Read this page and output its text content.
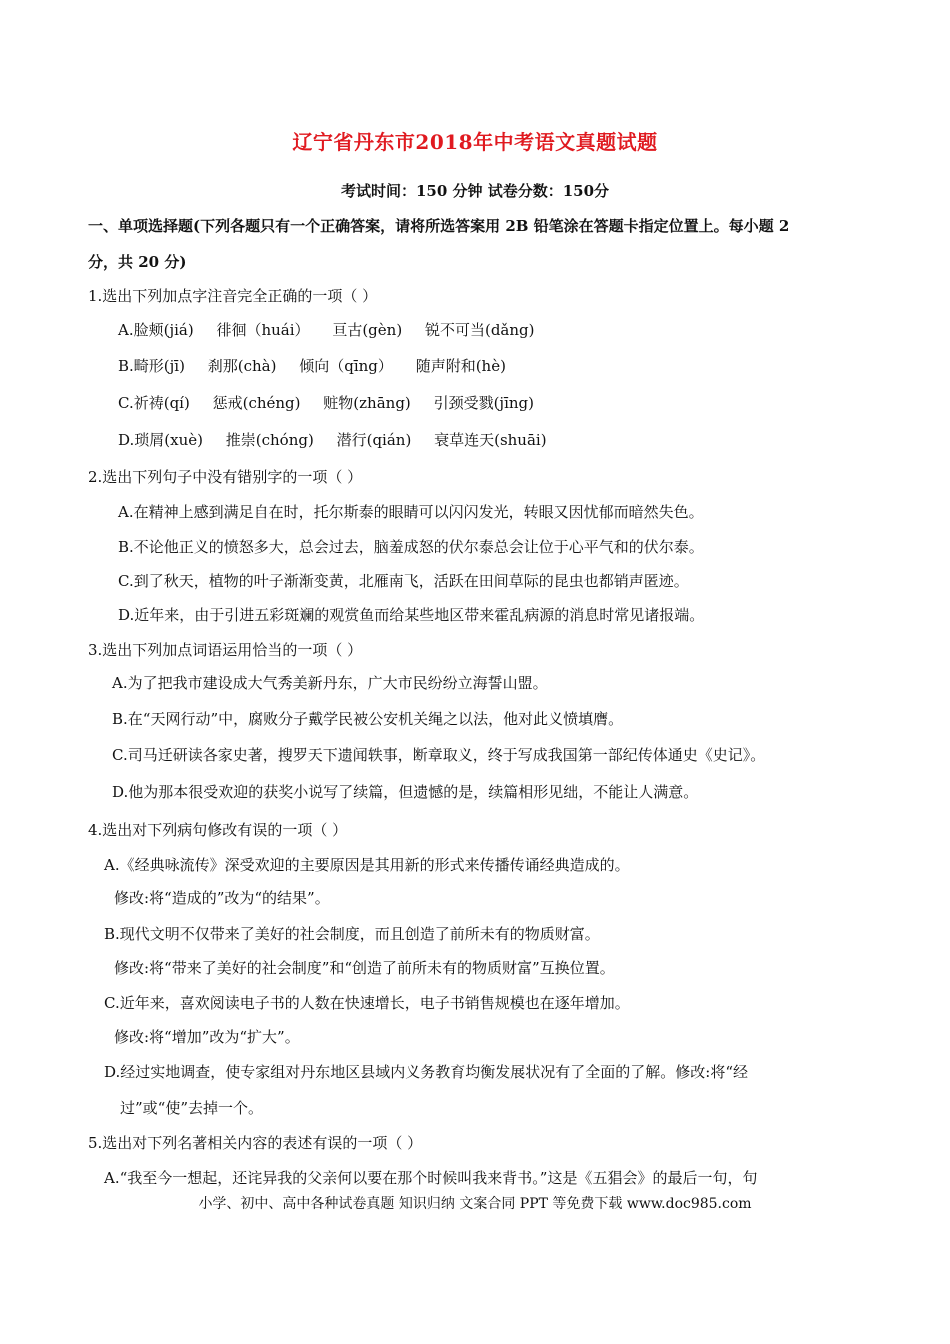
辽宁省丹东市2018年中考语文真题试题
考试时间：150 分钟 试卷分数：150分
一、单项选择题(下列各题只有一个正确答案，请将所选答案用 2B 铅笔涂在答题卡指定位置上。每小题 2
分，共 20 分)
1.选出下列加点字注音完全正确的一项（ ）
A.脸颊(jiá) 徘徊（huái） 亘古(gèn) 锐不可当(dǎng)
B.畸形(jī) 刹那(chà) 倾向（qīng） 随声附和(hè)
C.祈祷(qí) 惩戒(chéng) 赃物(zhāng) 引颈受戮(jīng)
D.琐屑(xuè) 推崇(chóng) 潜行(qián) 衰草连天(shuāi)
2.选出下列句子中没有错别字的一项（ ）
A.在精神上感到满足自在时，托尔斯泰的眼睛可以闪闪发光，转眼又因忧郁而暗然失色。
B.不论他正义的愤怒多大，总会过去，脑羞成怒的伏尔泰总会让位于心平气和的伏尔泰。
C.到了秋天，植物的叶子渐渐变黄，北雁南飞，活跃在田间草际的昆虫也都销声匿迹。
D.近年来，由于引进五彩斑斓的观赏鱼而给某些地区带来霍乱病源的消息时常见诸报端。
3.选出下列加点词语运用恰当的一项（ ）
A.为了把我市建设成大气秀美新丹东，广大市民纷纷立海誓山盟。
B.在“天网行动”中，腐败分子戴学民被公安机关绳之以法，他对此义愤填膺。
C.司马迁研读各家史著，搜罗天下遗闻轶事，断章取义，终于写成我国第一部纪传体通史《史记》。
D.他为那本很受欢迎的获奖小说写了续篇，但遗憾的是，续篇相形见绌，不能让人满意。
4.选出对下列病句修改有误的一项（ ）
A.《经典咏流传》深受欢迎的主要原因是其用新的形式来传播传诵经典造成的。
修改:将“造成的”改为“的结果”。
B.现代文明不仅带来了美好的社会制度，而且创造了前所未有的物质财富。
修改:将“带来了美好的社会制度”和“创造了前所未有的物质财富”互换位置。
C.近年来，喜欢阅读电子书的人数在快速增长，电子书销售规模也在逐年增加。
修改:将“增加”改为“扩大”。
D.经过实地调查，使专家组对丹东地区县域内义务教育均衡发展状况有了全面的了解。修改:将“经
过”或“使”去掉一个。
5.选出对下列名著相关内容的表述有误的一项（ ）
A.“我至今一想起，还诧异我的父亲何以要在那个时候叫我来背书。”这是《五猖会》的最后一句，句
小学、初中、高中各种试卷真题 知识归纳 文案合同 PPT 等免费下载 www.doc985.com
